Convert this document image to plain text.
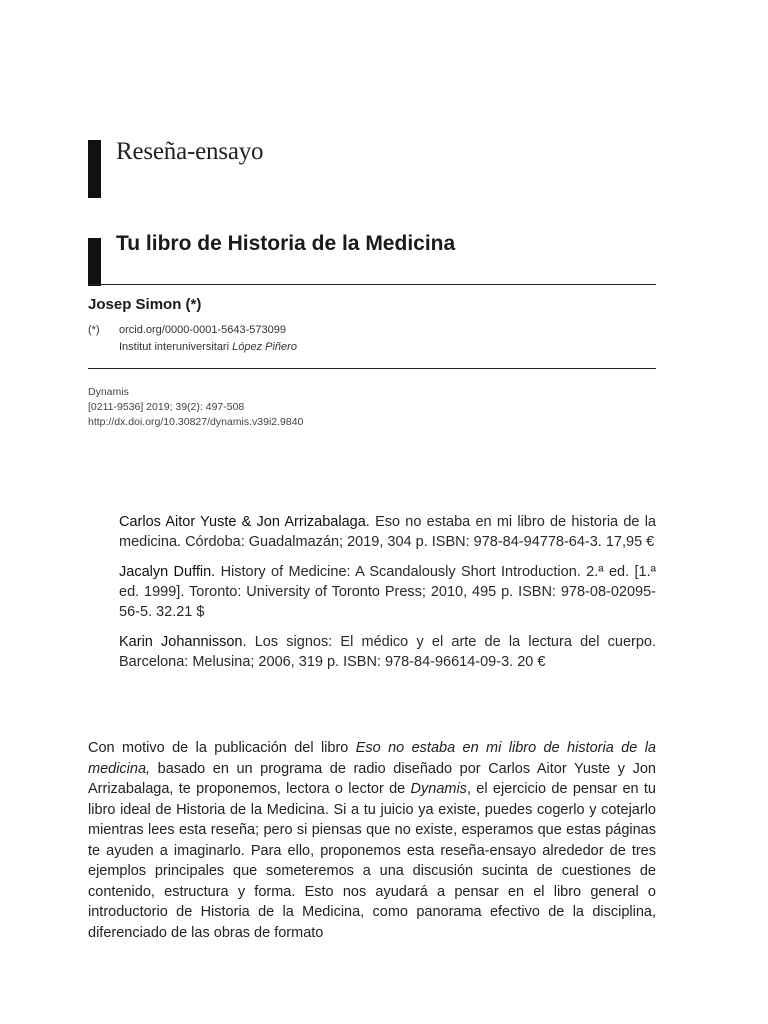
Reseña-ensayo
Tu libro de Historia de la Medicina
Josep Simon (*)
(*) orcid.org/0000-0001-5643-573099
Institut interuniversitari López Piñero
Dynamis
[0211-9536] 2019; 39(2): 497-508
http://dx.doi.org/10.30827/dynamis.v39i2.9840

Carlos Aitor Yuste & Jon Arrizabalaga. Eso no estaba en mi libro de historia de la medicina. Córdoba: Guadalmazán; 2019, 304 p. ISBN: 978-84-94778-64-3. 17,95 €

Jacalyn Duffin. History of Medicine: A Scandalously Short Introduction. 2.ª ed. [1.ª ed. 1999]. Toronto: University of Toronto Press; 2010, 495 p. ISBN: 978-08-02095-56-5. 32.21 $

Karin Johannisson. Los signos: El médico y el arte de la lectura del cuerpo. Barcelona: Melusina; 2006, 319 p. ISBN: 978-84-96614-09-3. 20 €

Con motivo de la publicación del libro Eso no estaba en mi libro de historia de la medicina, basado en un programa de radio diseñado por Carlos Aitor Yuste y Jon Arrizabalaga, te proponemos, lectora o lector de Dynamis, el ejercicio de pensar en tu libro ideal de Historia de la Medicina. Si a tu juicio ya existe, puedes cogerlo y cotejarlo mientras lees esta reseña; pero si piensas que no existe, esperamos que estas páginas te ayuden a imaginarlo. Para ello, proponemos esta reseña-ensayo alrededor de tres ejemplos principales que someteremos a una discusión sucinta de cuestiones de contenido, estructura y forma. Esto nos ayudará a pensar en el libro general o introductorio de Historia de la Medicina, como panorama efectivo de la disciplina, diferenciado de las obras de formato
